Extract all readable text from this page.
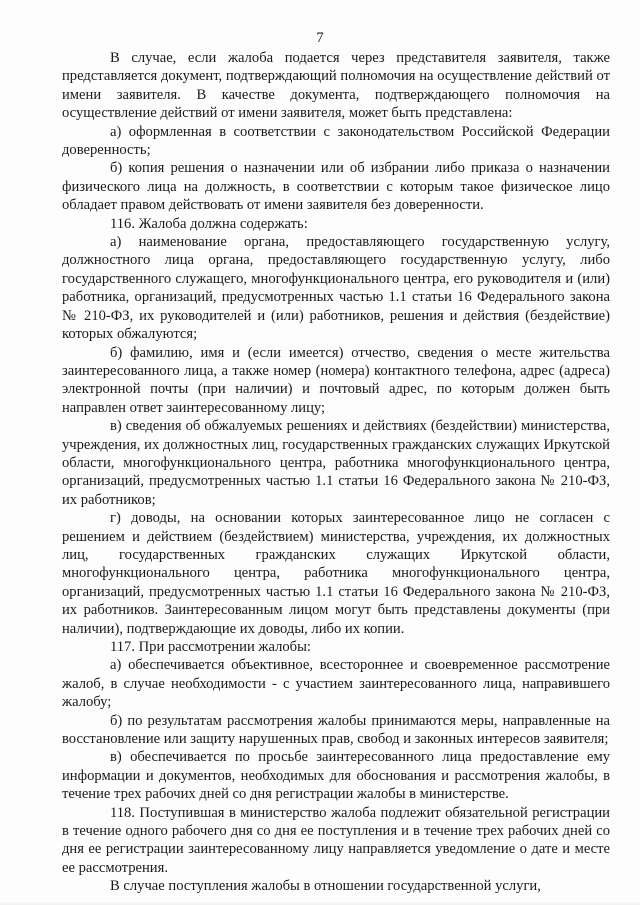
7

В случае, если жалоба подается через представителя заявителя, также представляется документ, подтверждающий полномочия на осуществление действий от имени заявителя. В качестве документа, подтверждающего полномочия на осуществление действий от имени заявителя, может быть представлена:

а) оформленная в соответствии с законодательством Российской Федерации доверенность;

б) копия решения о назначении или об избрании либо приказа о назначении физического лица на должность, в соответствии с которым такое физическое лицо обладает правом действовать от имени заявителя без доверенности.

116. Жалоба должна содержать:

а) наименование органа, предоставляющего государственную услугу, должностного лица органа, предоставляющего государственную услугу, либо государственного служащего, многофункционального центра, его руководителя и (или) работника, организаций, предусмотренных частью 1.1 статьи 16 Федерального закона № 210-ФЗ, их руководителей и (или) работников, решения и действия (бездействие) которых обжалуются;

б) фамилию, имя и (если имеется) отчество, сведения о месте жительства заинтересованного лица, а также номер (номера) контактного телефона, адрес (адреса) электронной почты (при наличии) и почтовый адрес, по которым должен быть направлен ответ заинтересованному лицу;

в) сведения об обжалуемых решениях и действиях (бездействии) министерства, учреждения, их должностных лиц, государственных гражданских служащих Иркутской области, многофункционального центра, работника многофункционального центра, организаций, предусмотренных частью 1.1 статьи 16 Федерального закона № 210-ФЗ, их работников;

г) доводы, на основании которых заинтересованное лицо не согласен с решением и действием (бездействием) министерства, учреждения, их должностных лиц, государственных гражданских служащих Иркутской области, многофункционального центра, работника многофункционального центра, организаций, предусмотренных частью 1.1 статьи 16 Федерального закона № 210-ФЗ, их работников. Заинтересованным лицом могут быть представлены документы (при наличии), подтверждающие их доводы, либо их копии.

117. При рассмотрении жалобы:

а) обеспечивается объективное, всестороннее и своевременное рассмотрение жалоб, в случае необходимости - с участием заинтересованного лица, направившего жалобу;

б) по результатам рассмотрения жалобы принимаются меры, направленные на восстановление или защиту нарушенных прав, свобод и законных интересов заявителя;

в) обеспечивается по просьбе заинтересованного лица предоставление ему информации и документов, необходимых для обоснования и рассмотрения жалобы, в течение трех рабочих дней со дня регистрации жалобы в министерстве.

118. Поступившая в министерство жалоба подлежит обязательной регистрации в течение одного рабочего дня со дня ее поступления и в течение трех рабочих дней со дня ее регистрации заинтересованному лицу направляется уведомление о дате и месте ее рассмотрения.

В случае поступления жалобы в отношении государственной услуги,
